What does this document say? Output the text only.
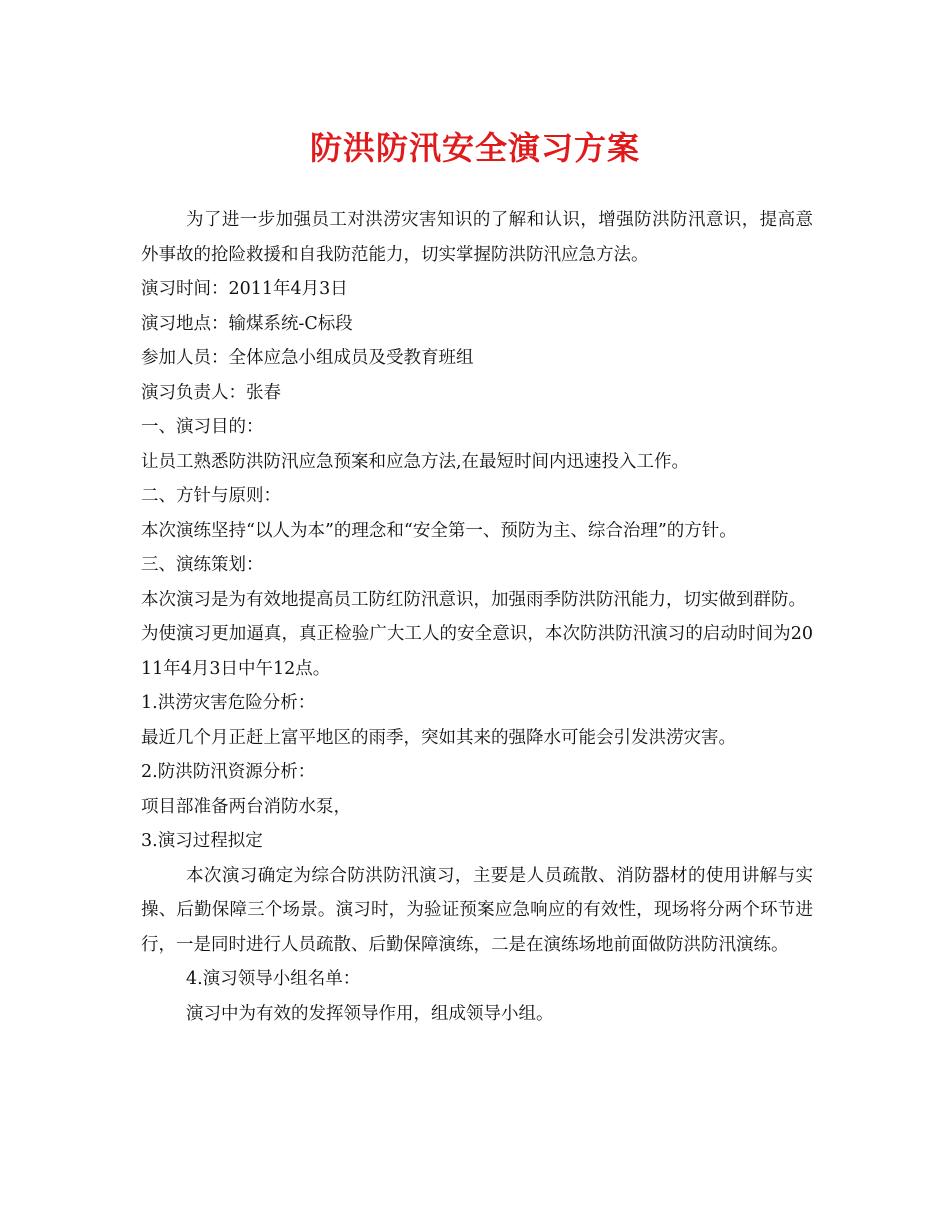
防洪防汛安全演习方案

为了进一步加强员工对洪涝灾害知识的了解和认识，增强防洪防汛意识，提高意外事故的抢险救援和自我防范能力，切实掌握防洪防汛应急方法。

演习时间：2011年4月3日

演习地点：输煤系统-C标段

参加人员：全体应急小组成员及受教育班组

演习负责人：张春

一、演习目的：

让员工熟悉防洪防汛应急预案和应急方法,在最短时间内迅速投入工作。

二、方针与原则：

本次演练坚持“以人为本”的理念和“安全第一、预防为主、综合治理”的方针。

三、演练策划：

本次演习是为有效地提高员工防红防汛意识，加强雨季防洪防汛能力，切实做到群防。

为使演习更加逼真，真正检验广大工人的安全意识，本次防洪防汛演习的启动时间为2011年4月3日中午12点。

1.洪涝灾害危险分析：

最近几个月正赶上富平地区的雨季，突如其来的强降水可能会引发洪涝灾害。

2.防洪防汛资源分析：

项目部准备两台消防水泵，

3.演习过程拟定

本次演习确定为综合防洪防汛演习，主要是人员疏散、消防器材的使用讲解与实操、后勤保障三个场景。演习时，为验证预案应急响应的有效性，现场将分两个环节进行，一是同时进行人员疏散、后勤保障演练，二是在演练场地前面做防洪防汛演练。

4.演习领导小组名单：

演习中为有效的发挥领导作用，组成领导小组。
